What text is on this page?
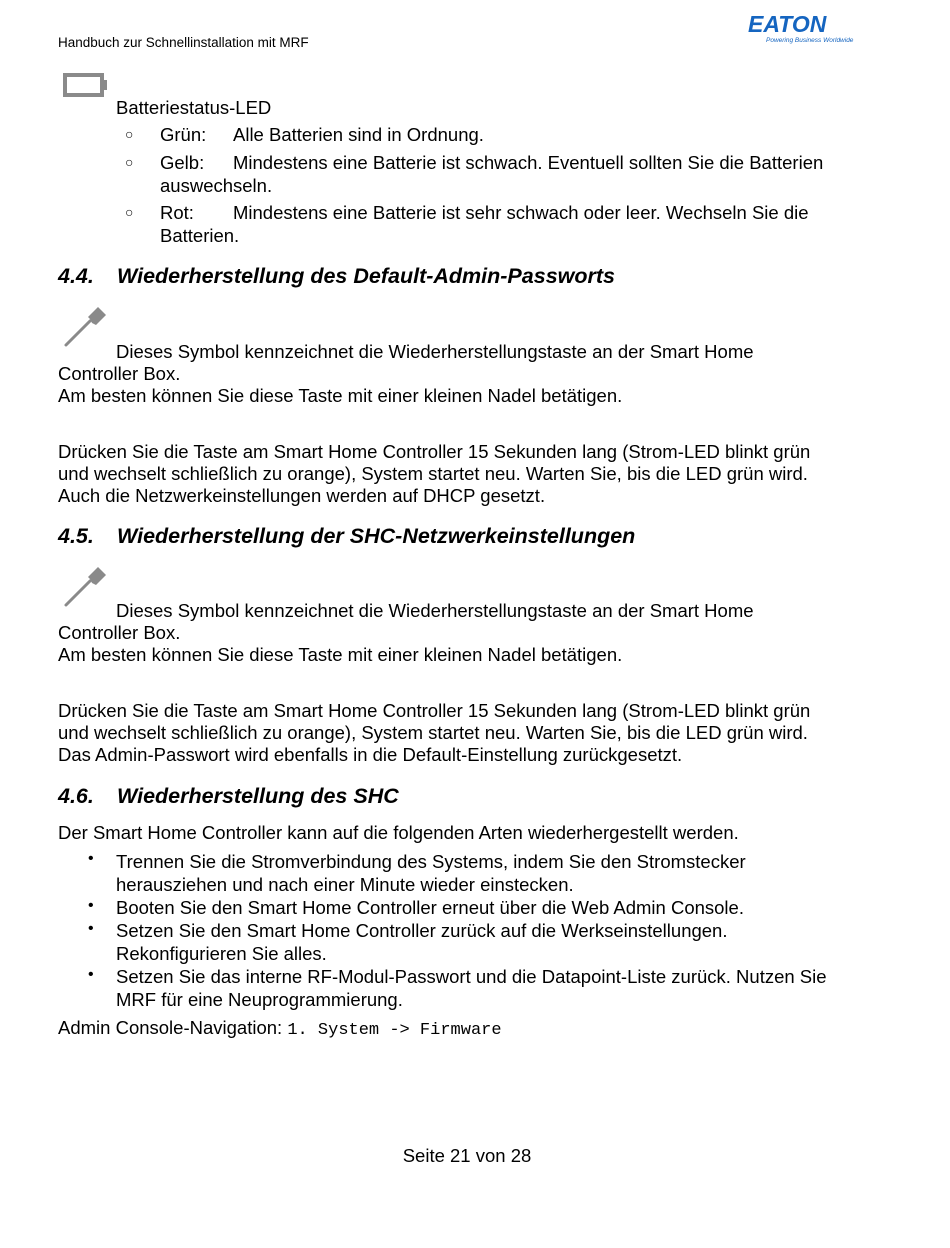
Handbuch zur Schnellinstallation mit MRF
EATON
Powering Business Worldwide
Batteriestatus-LED
○ Grün: Alle Batterien sind in Ordnung.
○ Gelb: Mindestens eine Batterie ist schwach. Eventuell sollten Sie die Batterien
auswechseln.
○ Rot: Mindestens eine Batterie ist sehr schwach oder leer. Wechseln Sie die
Batterien.
4.4. Wiederherstellung des Default-Admin-Passworts
Dieses Symbol kennzeichnet die Wiederherstellungstaste an der Smart Home
Controller Box.
Am besten können Sie diese Taste mit einer kleinen Nadel betätigen.
Drücken Sie die Taste am Smart Home Controller 15 Sekunden lang (Strom-LED blinkt grün
und wechselt schließlich zu orange), System startet neu. Warten Sie, bis die LED grün wird.
Auch die Netzwerkeinstellungen werden auf DHCP gesetzt.
4.5. Wiederherstellung der SHC-Netzwerkeinstellungen
Dieses Symbol kennzeichnet die Wiederherstellungstaste an der Smart Home
Controller Box.
Am besten können Sie diese Taste mit einer kleinen Nadel betätigen.
Drücken Sie die Taste am Smart Home Controller 15 Sekunden lang (Strom-LED blinkt grün
und wechselt schließlich zu orange), System startet neu. Warten Sie, bis die LED grün wird.
Das Admin-Passwort wird ebenfalls in die Default-Einstellung zurückgesetzt.
4.6. Wiederherstellung des SHC
Der Smart Home Controller kann auf die folgenden Arten wiederhergestellt werden.
• Trennen Sie die Stromverbindung des Systems, indem Sie den Stromstecker
herausziehen und nach einer Minute wieder einstecken.
• Booten Sie den Smart Home Controller erneut über die Web Admin Console.
• Setzen Sie den Smart Home Controller zurück auf die Werkseinstellungen.
Rekonfigurieren Sie alles.
• Setzen Sie das interne RF-Modul-Passwort und die Datapoint-Liste zurück. Nutzen Sie
MRF für eine Neuprogrammierung.
Admin Console-Navigation: 1. System -> Firmware
Seite 21 von 28
